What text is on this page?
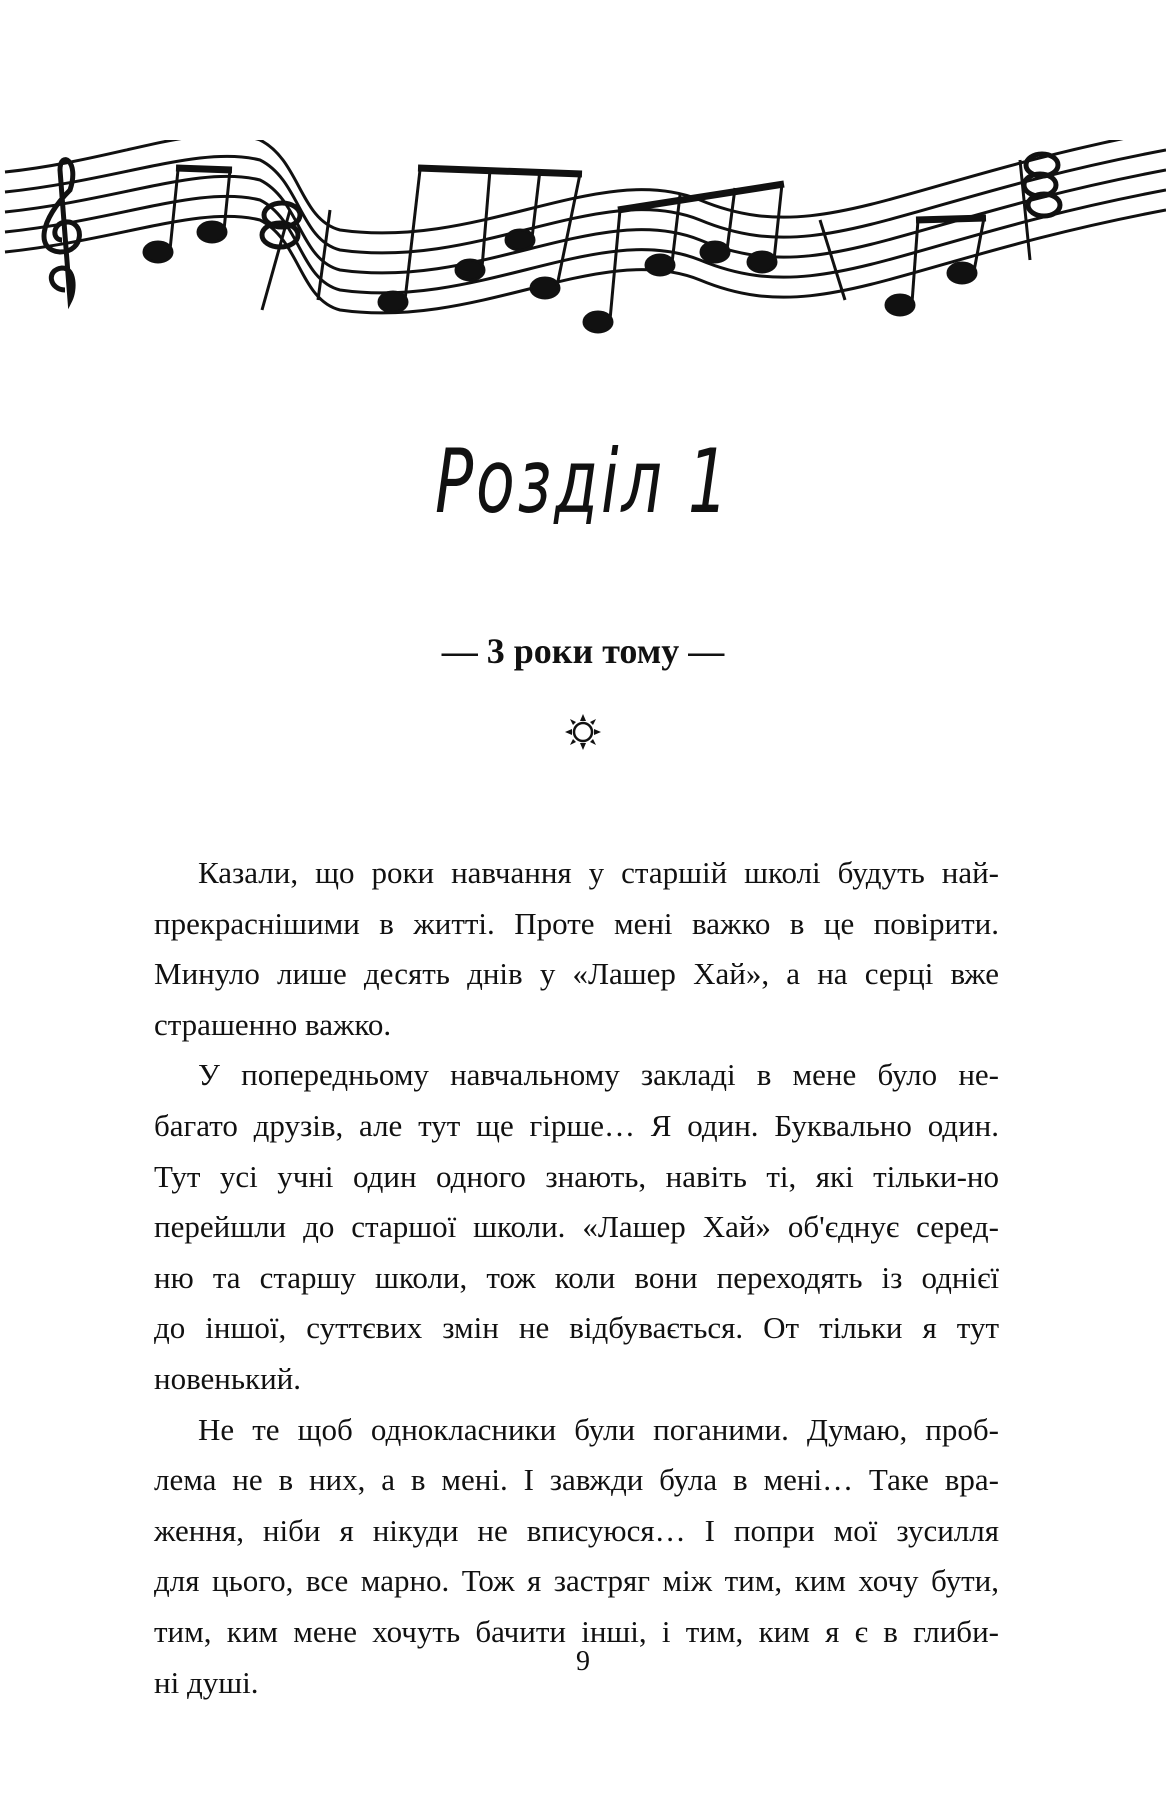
Розділ 1
— 3 роки тому —
Казали, що роки навчання у старшій школі будуть най-
прекраснішими в житті. Проте мені важко в це повірити.
Минуло лише десять днів у «Лашер Хай», а на серці вже
страшенно важко.
У попередньому навчальному закладі в мене було не-
багато друзів, але тут ще гірше… Я один. Буквально один.
Тут усі учні один одного знають, навіть ті, які тільки-но
перейшли до старшої школи. «Лашер Хай» об'єднує серед-
ню та старшу школи, тож коли вони переходять із однієї
до іншої, суттєвих змін не відбувається. От тільки я тут
новенький.
Не те щоб однокласники були поганими. Думаю, проб-
лема не в них, а в мені. І завжди була в мені… Таке вра-
ження, ніби я нікуди не вписуюся… І попри мої зусилля
для цього, все марно. Тож я застряг між тим, ким хочу бути,
тим, ким мене хочуть бачити інші, і тим, ким я є в глиби-
ні душі.
9
